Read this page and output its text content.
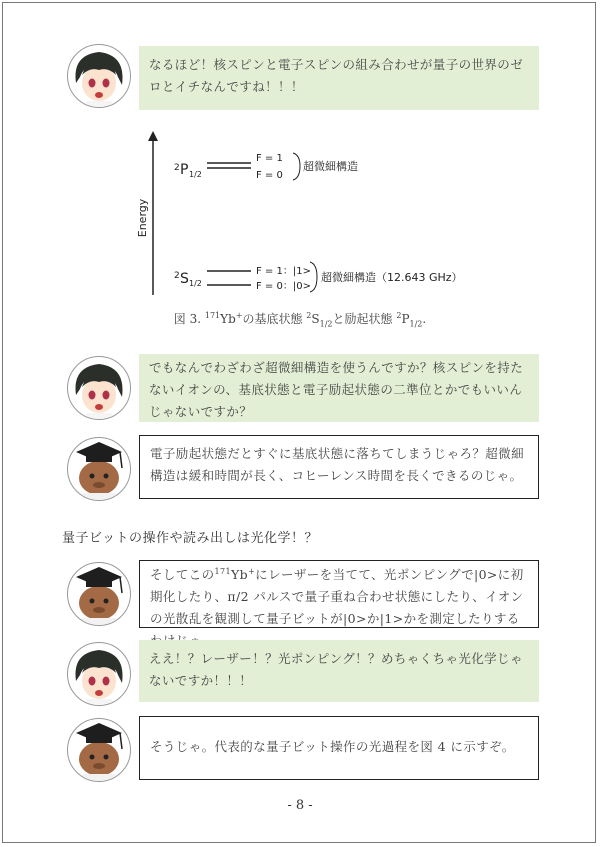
なるほど！核スピンと電子スピンの組み合わせが量子の世界のゼロとイチなんですね！！！
Energy
2 P 1/2
F = 1
F = 0
超微細構造
2 S 1/2
F = 1：|1>
F = 0：|0>
超微細構造（12.643 GHz）
図 3. $^{171}$Yb+の基底状態 $^2S_{1/2}$と励起状態 $^2P_{1/2}$.
でもなんでわざわざ超微細構造を使うんですか？核スピンを持たないイオンの、基底状態と電子励起状態の二準位とかでもいいんじゃないですか？
電子励起状態だとすぐに基底状態に落ちてしまうじゃろ？超微細構造は緩和時間が長く、コヒーレンス時間を長くできるのじゃ。
量子ビットの操作や読み出しは光化学！？
そしてこの$^{171}$Yb+にレーザーを当てて、光ポンピングで|0>に初期化したり、π/2 パルスで量子重ね合わせ状態にしたり、イオンの光散乱を観測して量子ビットが|0>か|1>かを測定したりする
ええ！？レーザー！？光ポンピング！？めちゃくちゃ光化学じゃないですか！！！
そうじゃ。代表的な量子ビット操作の光過程を図 4 に示すぞ。
- 8 -
